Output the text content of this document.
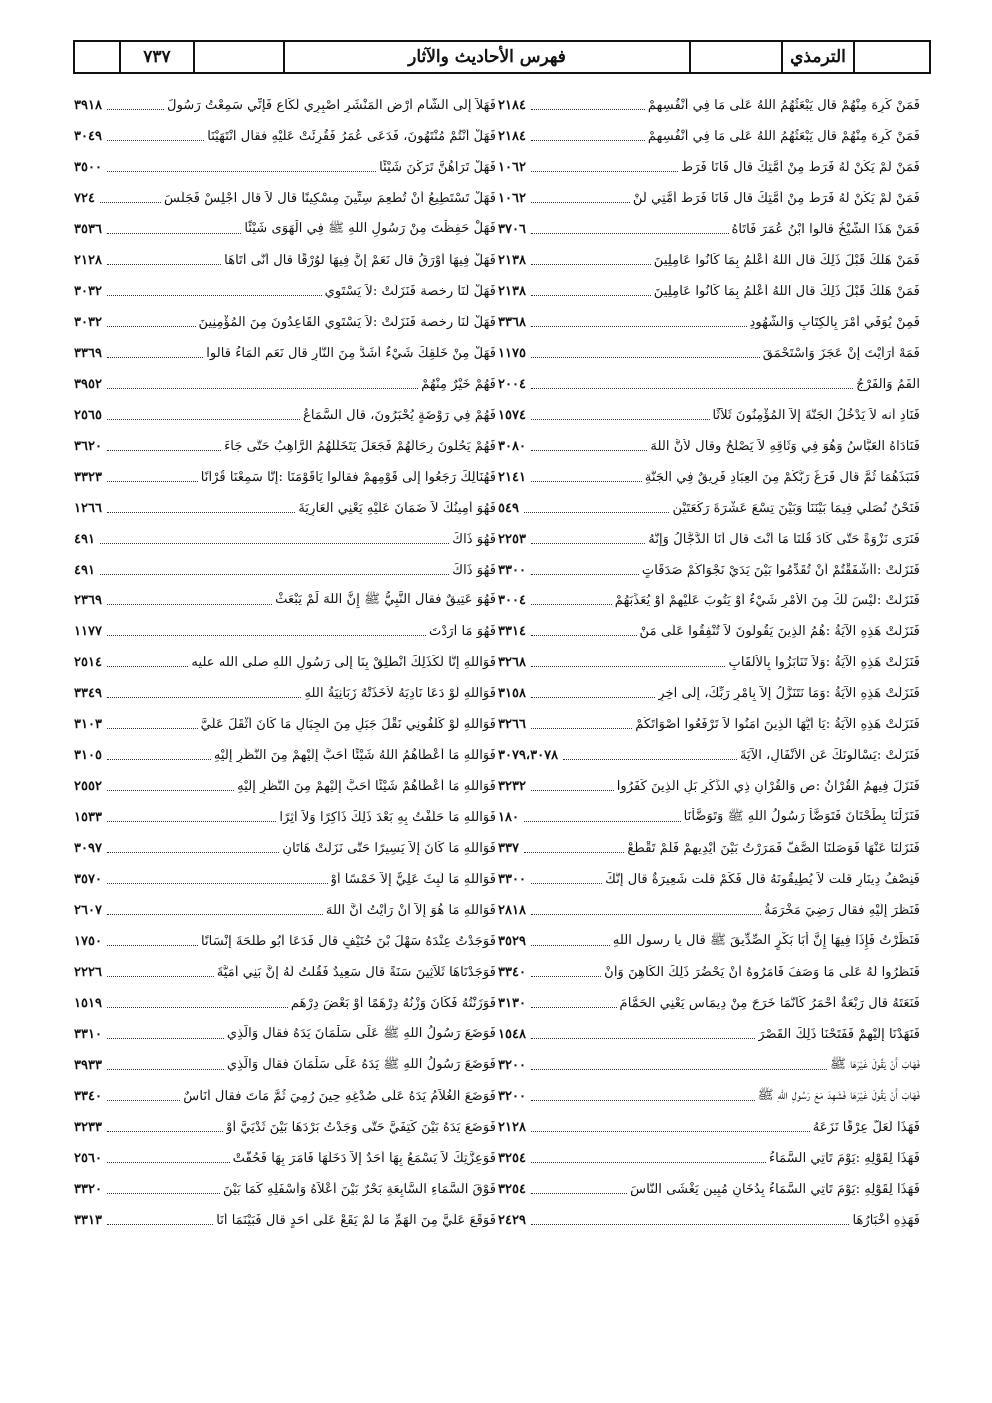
٧٣٧	فهرس الأحاديث والآثار	الترمذي
٢١٨٤	فَمَنْ كَرِهَ مِنْهُمْ قال يَبْعَثُهُمُ اللهُ عَلَى مَا فِي أَنْفُسِهِمْ
٢١٨٤	فَمَنْ كَرِهَ مِنْهُمْ قال يَبْعَثُهُمُ اللهُ عَلَى مَا فِي أَنْفُسِهِمْ
١٠٦٢	فَمَنْ لَمْ يَكُنْ لَهُ فَرَطٌ مِنْ أُمَّتِكَ قال فَأَنَا فَرَطٌ
١٠٦٢	فَمَنْ لَمْ يَكُنْ لَهُ فَرَطٌ مِنْ أُمَّتِكَ قال فَأَنَا فَرَطُ أُمَّتِي لَنْ
٣٧٠٦	فَمَنْ هَذَا الشَّيْخُ قالوا ابْنُ عُمَرَ فَأَتَاهُ
٢١٣٨	فَمَنْ هَلَكَ قَبْلَ ذَلِكَ قال اللهُ أَعْلَمُ بِمَا كَانُوا عَامِلِينَ
٢١٣٨	فَمَنْ هَلَكَ قَبْلَ ذَلِكَ قال اللهُ أَعْلَمُ بِمَا كَانُوا عَامِلِينَ
٣٣٦٨	فَمِنْ يُوَفِّي أَمْرَ بِالْكِتَابِ وَالشُّهُودِ
١١٧٥	فَمَهْ أَرَأَيْتَ إِنْ عَجَزَ وَاسْتَحْمَقَ
٢٠٠٤	الْفَمُ وَالْفَرْجُ
١٥٧٤	فَنَادِ أنه لاَ يَدْخُلُ الْجَنَّةَ إِلاَّ الْمُؤْمِنُونَ ثَلاَثًا
٣٠٨٠	فَنَادَاهُ الْعَبَّاسُ وَهُوَ فِي وَثَاقِهِ لاَ يَصْلُحُ وقال لأَنَّ اللهَ
٢١٤١	فَنَبَذَهُمَا ثُمَّ قال فَرَغَ رَبُّكُمْ مِنَ الْعِبَادِ فَرِيقٌ فِي الْجَنَّةِ
٥٤٩	فَنَحْنُ نُصَلِّي فِيمَا بَيْنَنَا وَبَيْنَ تِسْعَ عَشْرَةَ رَكْعَتَيْنِ
٢٢٥٣	فَنَرَى نَزْوَةً حَتَّى كَادَ قُلْنَا مَا أَنْتَ قال أَنَا الدَّجَّالُ وَإِنَّهُ
٣٣٠٠	فَنَزَلَتْ :أَأَشْفَقْتُمْ أَنْ تُقَدِّمُوا بَيْنَ يَدَيْ نَجْوَاكُمْ صَدَقَاتٍ
٣٠٠٤	فَنَزَلَتْ :لَيْسَ لَكَ مِنَ الأَمْرِ شَيْءٌ أَوْ يَتُوبَ عَلَيْهِمْ أَوْ يُعَذِّبَهُمْ
٣٣١٤	فَنَزَلَتْ هَذِهِ الآيَةُ :هُمُ الَّذِينَ يَقُولُونَ لاَ تُنْفِقُوا عَلَى مَنْ
٣٢٦٨	فَنَزَلَتْ هَذِهِ الآيَةُ :وَلاَ تَنَابَزُوا بِالأَلْقَابِ
٣١٥٨	فَنَزَلَتْ هَذِهِ الآيَةُ :وَمَا نَتَنَزَّلُ إِلاَّ بِأَمْرِ رَبِّكَ، إِلَى آخِرِ
٣٢٦٦	فَنَزَلَتْ هَذِهِ الآيَةُ :يَا أَيُّهَا الَّذِينَ آمَنُوا لاَ تَرْفَعُوا أَصْوَاتَكُمْ
٣٠٧٩،٣٠٧٨	فَنَزَلَتْ :يَسْأَلُونَكَ عَنِ الأَنْفَالِ، الآيَةَ
٣٢٣٢	فَنَزَلَ فِيهِمُ الْقُرْآنُ :ص وَالْقُرْآنِ ذِي الذِّكْرِ بَلِ الَّذِينَ كَفَرُوا
١٨٠	فَنَزَلْنَا بِطَحْنَانَ فَتَوَضَّأَ رَسُولُ اللهِ ﷺ وَتَوَضَّأْنَا
٣٣٧	فَنَزَلْنَا عَنْهَا فَوَصَلْنَا الصَّفَّ فَمَرَرْتُ بَيْنَ أَيْدِيهِمْ فَلَمْ تَقْطَعْ
٣٣٠٠	فَنِصْفُ دِينَارٍ قلت لاَ يُطِيقُونَهُ قال فَكَمْ قلت شَعِيرَةٌ قال إِنَّكَ
٢٨١٨	فَنَظَرَ إِلَيْهِ فقال رَضِيَ مَخْرَمَةُ
٣٥٢٩	فَنَظَرْتُ فَإِذَا فِيهَا إِنَّ أَبَا بَكْرٍ الصِّدِّيقَ ﷺ قال يا رسول اللهِ
٣٣٤٠	فَنَظَرُوا لَهُ عَلَى مَا وَصَفَ فَأَمَرُوهُ أَنْ يَحْضُرَ ذَلِكَ الْكَاهِنَ وَأَنْ
٣١٣٠	فَنَعَتَهُ قال رَبْعَةٌ أَحْمَرُ كَأَنَّمَا خَرَجَ مِنْ دِيمَاسٍ يَعْنِي الْحَمَّامَ
١٥٤٨	فَنَهَدْنَا إِلَيْهِمْ فَفَتَحْنَا ذَلِكَ الْقَصْرَ
٣٢٠٠	فَهَابَ أَنْ يَقُولَ غَيْرَهَا ﷺ
٣٢٠٠	فَهَابَ أَنْ يَقُولَ غَيْرَهَا فَشَهِدَ مَعَ رَسُولِ اللهِ ﷺ
٢١٢٨	فَهَذَا لَعَلَّ عِرْقًا نَزَعَهُ
٣٢٥٤	فَهَذَا لِقَوْلِهِ :يَوْمَ تَأْتِي السَّمَاءُ
٣٢٥٤	فَهَذَا لِقَوْلِهِ :يَوْمَ تَأْتِي السَّمَاءُ بِدُخَانٍ مُبِينٍ يَغْشَى النَّاسَ
٢٤٢٩	فَهَذِهِ أَخْبَارُهَا
٣٩١٨	فَهَلاَّ إِلَى الشَّامِ أَرْضِ الْمَنْشَرِ اصْبِرِي لَكَاعِ فَإِنِّي سَمِعْتُ رَسُولَ
٣٠٤٩	فَهَلْ أَنْتُمْ مُنْتَهُونَ، فَدَعَى عُمَرُ فَقُرِئَتْ عَلَيْهِ فقال انْتَهَيْنَا
٣٥٠٠	فَهَلْ تَرَاهُنَّ تَرَكْنَ شَيْئًا
٧٢٤	فَهَلْ تَسْتَطِيعُ أَنْ تُطْعِمَ سِتِّينَ مِسْكِينًا قال لاَ قال اجْلِسْ فَجَلَسَ
٣٥٣٦	فَهَلْ حَفِظْتَ مِنْ رَسُولِ اللهِ ﷺ فِي الْهَوَى شَيْئًا
٢١٢٨	فَهَلْ فِيهَا أَوْرَقُ قال نَعَمْ إِنَّ فِيهَا لَوُرْقًا قال أَنَّى أَتَاهَا
٣٠٣٢	فَهَلْ لَنَا رخصة فَنَزَلَتْ :لاَ يَسْتَوِي
٣٠٣٢	فَهَلْ لَنَا رخصة فَنَزَلَتْ :لاَ يَسْتَوِي الْقَاعِدُونَ مِنَ الْمُؤْمِنِينَ
٣٣٦٩	فَهَلْ مِنْ خَلْقِكَ شَيْءٌ أَشَدُّ مِنَ النَّارِ قال نَعَمِ الْمَاءُ قالوا
٣٩٥٢	فَهُمْ خَيْرٌ مِنْهُمْ
٢٥٦٥	فَهُمْ فِي رَوْضَةٍ يُحْبَرُونَ، قال السَّمَاعُ
٣٦٢٠	فَهُمْ يَحُلُّونَ رِحَالَهُمْ فَجَعَلَ يَتَخَلَّلُهُمُ الرَّاهِبُ حَتَّى جَاءَ
٣٣٢٣	فَهُنَالِكَ رَجَعُوا إِلَى قَوْمِهِمْ فقالوا يَاقَوْمَنَا :إِنَّا سَمِعْنَا قُرْآنًا
١٢٦٦	فَهُوَ أَمِينُكَ لاَ ضَمَانَ عَلَيْهِ يَعْنِي الْعَارِيَةَ
٤٩١	فَهُوَ ذَاكَ
٤٩١	فَهُوَ ذَاكَ
٢٣٦٩	فَهُوَ عَتِيقٌ فقال النَّبِيُّ ﷺ إِنَّ اللهَ لَمْ يَبْعَثْ
١١٧٧	فَهُوَ مَا أَرَدْتَ
٢٥١٤	فَوَاللهِ إِنَّا لَكَذَلِكَ انْطَلِقْ بِنَا إِلَى رَسُولِ اللهِ صلى الله عليه
٣٣٤٩	فَوَاللهِ لَوْ دَعَا نَادِيَهُ لأَخَذَتْهُ زَبَانِيَةُ اللهِ
٣١٠٣	فَوَاللهِ لَوْ كَلَّفُونِي نَقْلَ جَبَلٍ مِنَ الْجِبَالِ مَا كَانَ أَثْقَلَ عَلَيَّ
٣١٠٥	فَوَاللهِ مَا أَعْطَاهُمُ اللهُ شَيْئًا أَحَبَّ إِلَيْهِمْ مِنَ النَّظَرِ إِلَيْهِ
٢٥٥٢	فَوَاللهِ مَا أَعْطَاهُمْ شَيْئًا أَحَبَّ إِلَيْهِمْ مِنَ النَّظَرِ إِلَيْهِ
١٥٣٣	فَوَاللهِ مَا حَلَفْتُ بِهِ بَعْدَ ذَلِكَ ذَاكِرًا وَلاَ آثِرًا
٣٠٩٧	فَوَاللهِ مَا كَانَ إِلاَّ يَسِيرًا حَتَّى نَزَلَتْ هَاتَانِ
٣٥٧٠	فَوَاللهِ مَا لَبِثَ عَلِيٌّ إِلاَّ خَمْسًا أَوْ
٢٦٠٧	فَوَاللهِ مَا هُوَ إِلاَّ أَنْ رَأَيْتُ أَنَّ اللهَ
١٧٥٠	فَوَجَدْتُ عِنْدَهُ سَهْلَ بْنَ حُنَيْفٍ قال فَدَعَا أَبُو طَلْحَةَ إِنْسَانًا
٢٢٢٦	فَوَجَدْنَاهَا ثَلاَثِينَ سَنَةً قال سَعِيدٌ فَقُلْتُ لَهُ إِنَّ بَنِي أُمَيَّةَ
١٥١٩	فَوَزَنْتُهُ فَكَانَ وَزْنُهُ دِرْهَمًا أَوْ بَعْضَ دِرْهَمٍ
٣٣١٠	فَوَضَعَ رَسُولُ اللهِ ﷺ عَلَى سَلْمَانَ يَدَهُ فقال وَالَّذِي
٣٩٣٣	فَوَضَعَ رَسُولُ اللهِ ﷺ يَدَهُ عَلَى سَلْمَانَ فقال وَالَّذِي
٣٣٤٠	فَوَضَعَ الْغُلاَمُ يَدَهُ عَلَى صُدْغِهِ حِينَ رُمِيَ ثُمَّ مَاتَ فقال أُنَاسٌ
٣٢٣٣	فَوَضَعَ يَدَهُ بَيْنَ كَتِفَيَّ حَتَّى وَجَدْتُ بَرْدَهَا بَيْنَ ثَدْيَيَّ أَوْ
٢٥٦٠	فَوَعِزَّتِكَ لاَ يَسْمَعُ بِهَا أَحَدٌ إِلاَّ دَخَلَهَا فَأَمَرَ بِهَا فَحُفَّتْ
٣٣٢٠	فَوْقَ السَّمَاءِ السَّابِعَةِ بَحْرٌ بَيْنَ أَعْلاَهُ وَأَسْفَلِهِ كَمَا بَيْنَ
٣٣١٣	فَوَقَعَ عَلَيَّ مِنَ الْهَمِّ مَا لَمْ يَقَعْ عَلَى أَحَدٍ قال فَبَيْنَمَا أَنَا
